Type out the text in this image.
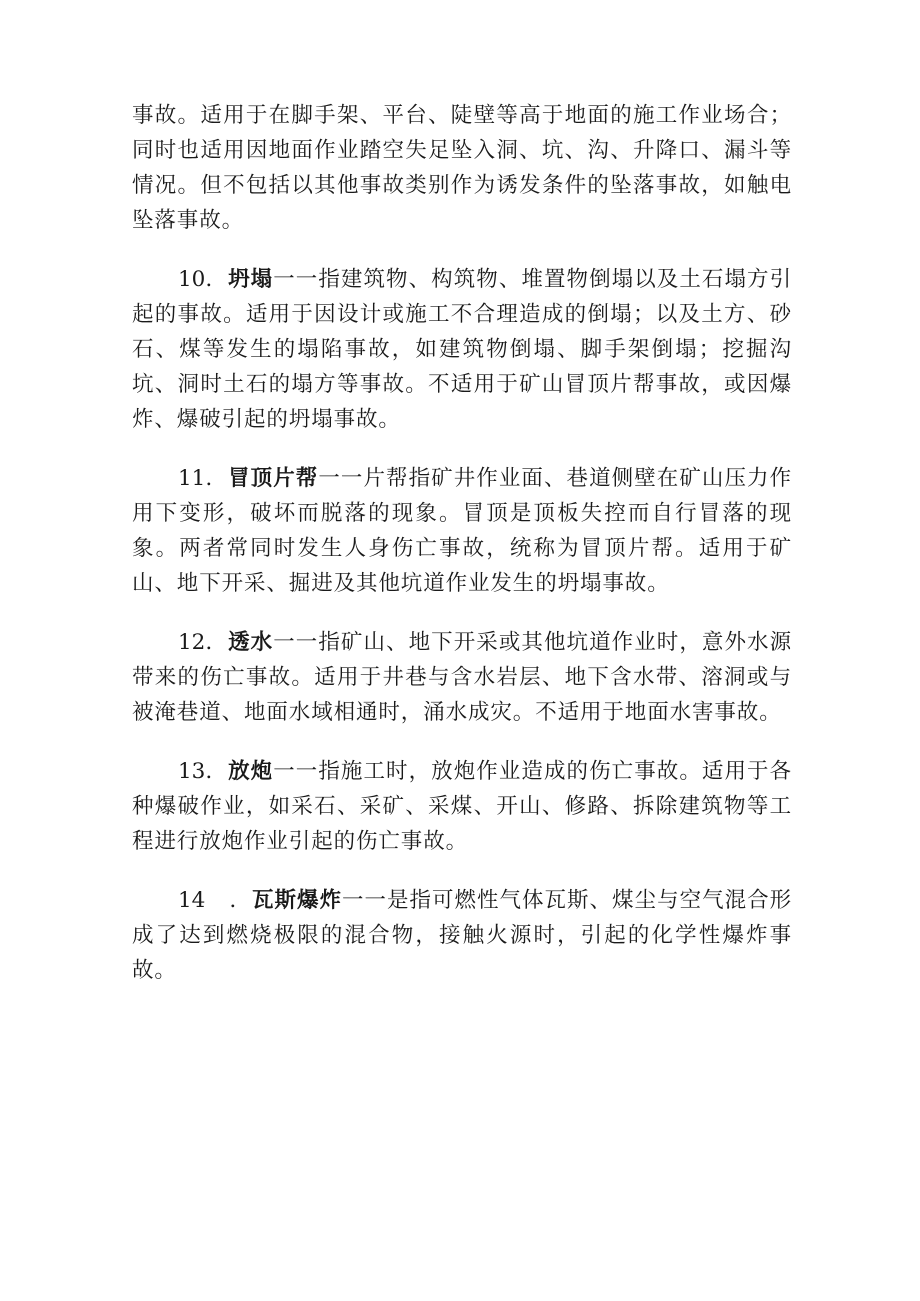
事故。适用于在脚手架、平台、陡壁等高于地面的施工作业场合；同时也适用因地面作业踏空失足坠入洞、坑、沟、升降口、漏斗等情况。但不包括以其他事故类别作为诱发条件的坠落事故，如触电坠落事故。

10．坍塌一一指建筑物、构筑物、堆置物倒塌以及土石塌方引起的事故。适用于因设计或施工不合理造成的倒塌；以及土方、砂石、煤等发生的塌陷事故，如建筑物倒塌、脚手架倒塌；挖掘沟坑、洞时土石的塌方等事故。不适用于矿山冒顶片帮事故，或因爆炸、爆破引起的坍塌事故。

11．冒顶片帮一一片帮指矿井作业面、巷道侧壁在矿山压力作用下变形，破坏而脱落的现象。冒顶是顶板失控而自行冒落的现象。两者常同时发生人身伤亡事故，统称为冒顶片帮。适用于矿山、地下开采、掘进及其他坑道作业发生的坍塌事故。

12．透水一一指矿山、地下开采或其他坑道作业时，意外水源带来的伤亡事故。适用于井巷与含水岩层、地下含水带、溶洞或与被淹巷道、地面水域相通时，涌水成灾。不适用于地面水害事故。

13．放炮一一指施工时，放炮作业造成的伤亡事故。适用于各种爆破作业，如采石、采矿、采煤、开山、修路、拆除建筑物等工程进行放炮作业引起的伤亡事故。

14 ．瓦斯爆炸一一是指可燃性气体瓦斯、煤尘与空气混合形成了达到燃烧极限的混合物，接触火源时，引起的化学性爆炸事故。
